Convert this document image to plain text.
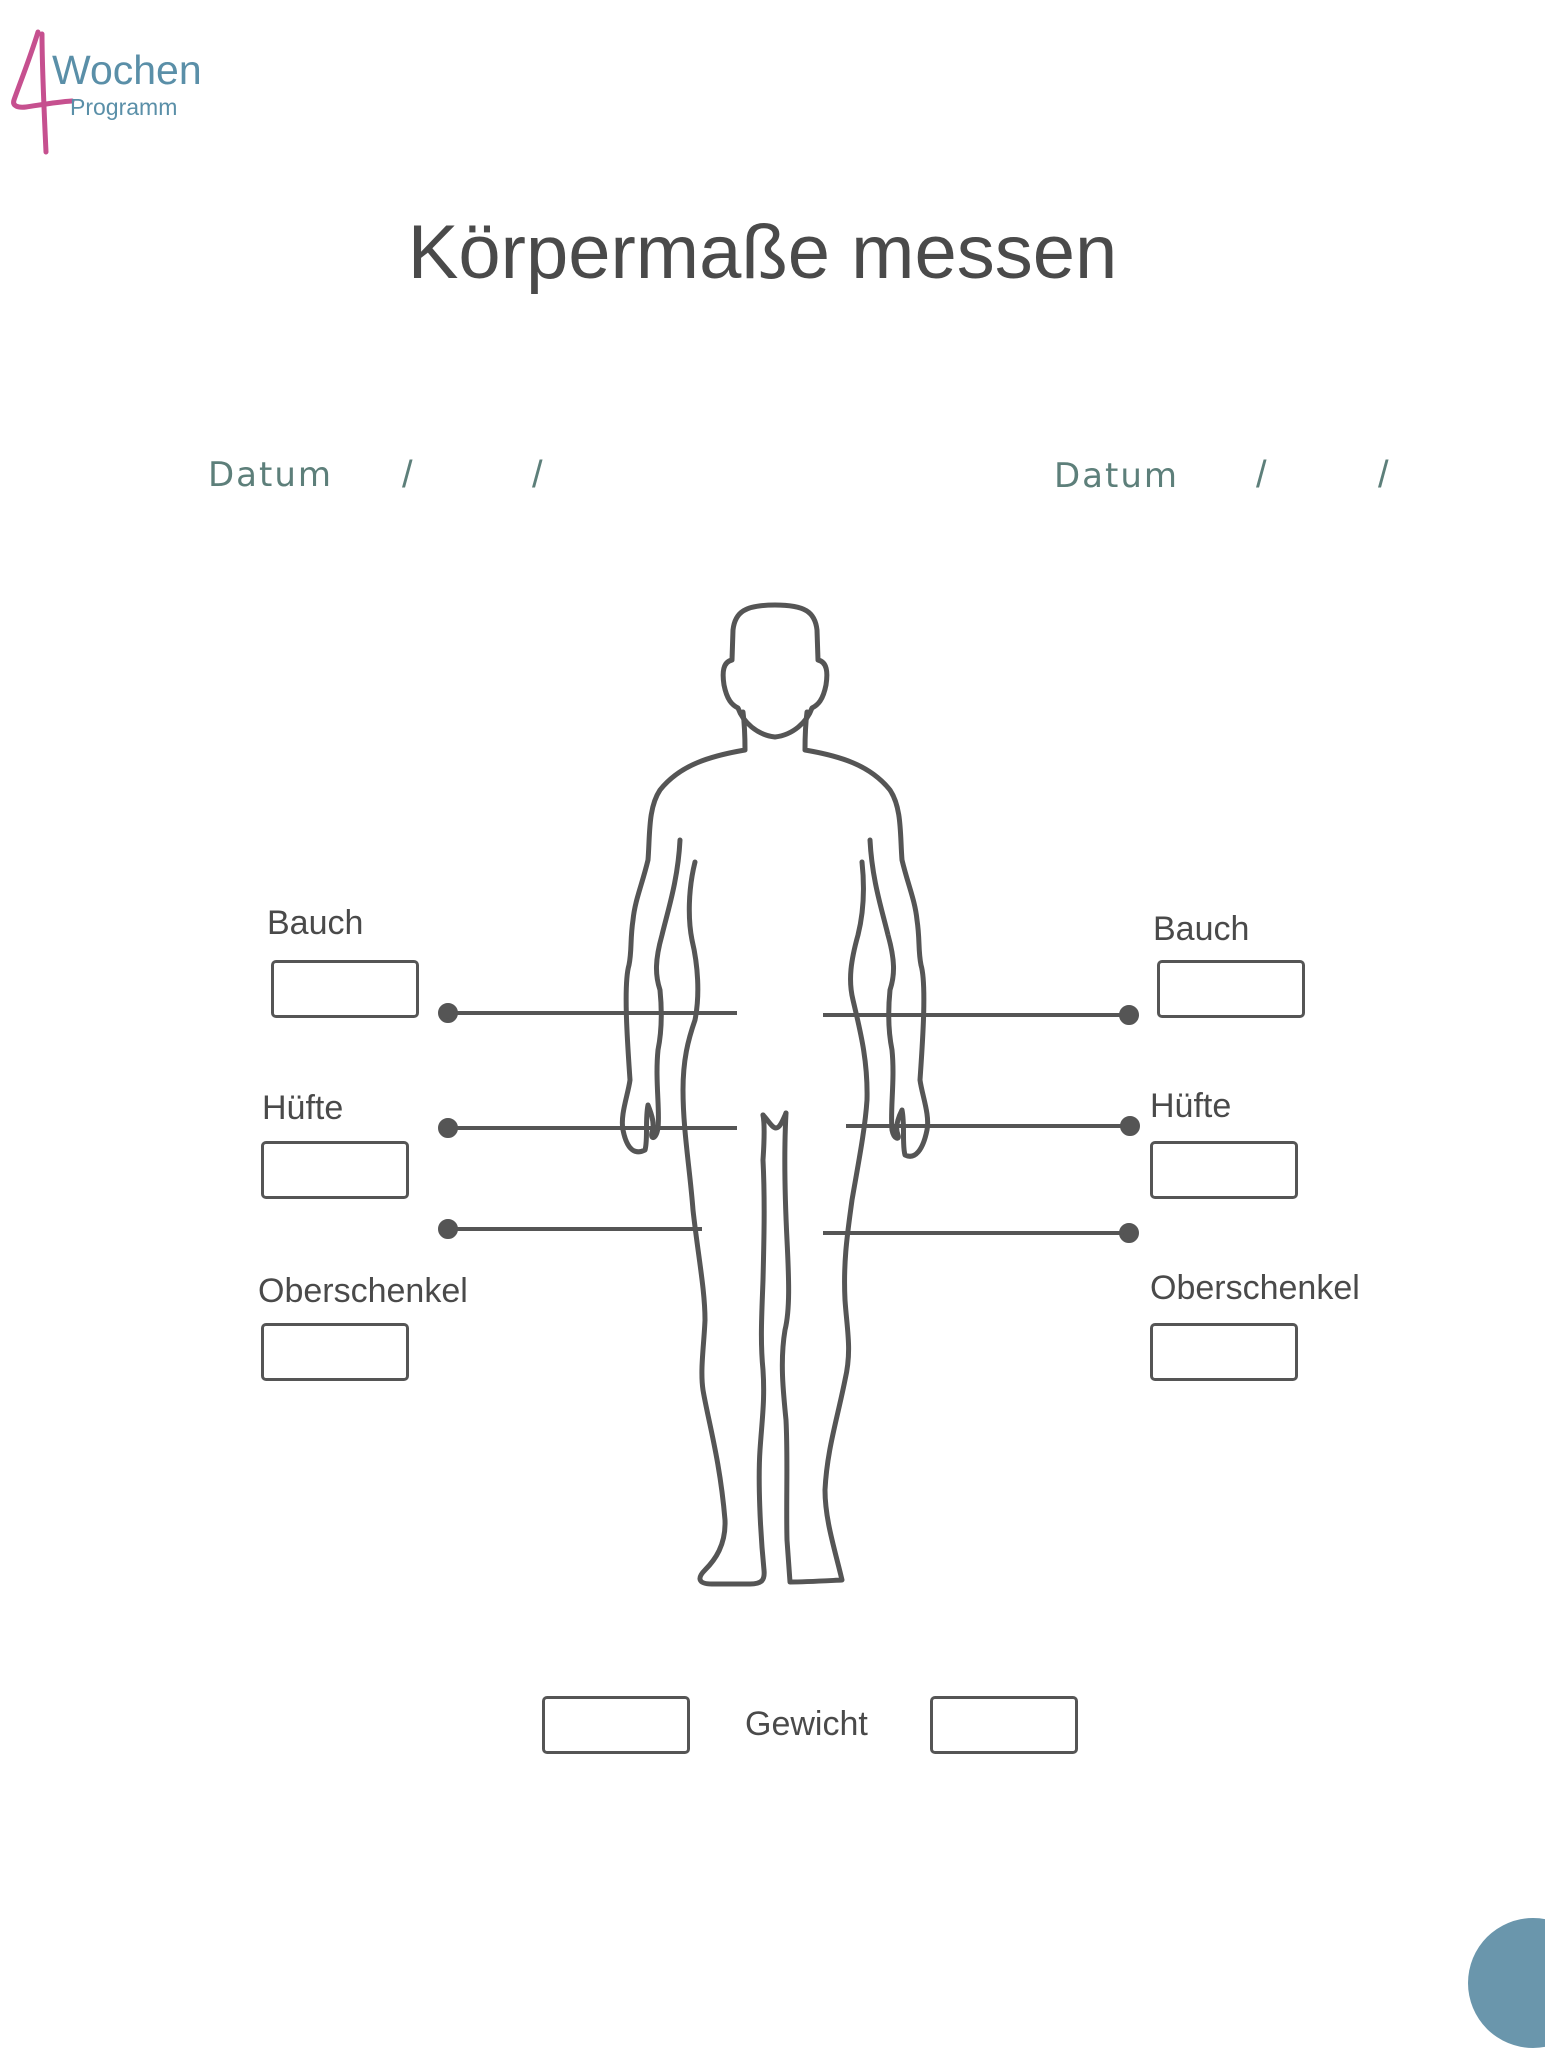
Wochen
Programm
Körpermaße messen
Datum /	/	Datum /	/
Bauch
Hüfte
Oberschenkel
Bauch
Hüfte
Oberschenkel
Gewicht
